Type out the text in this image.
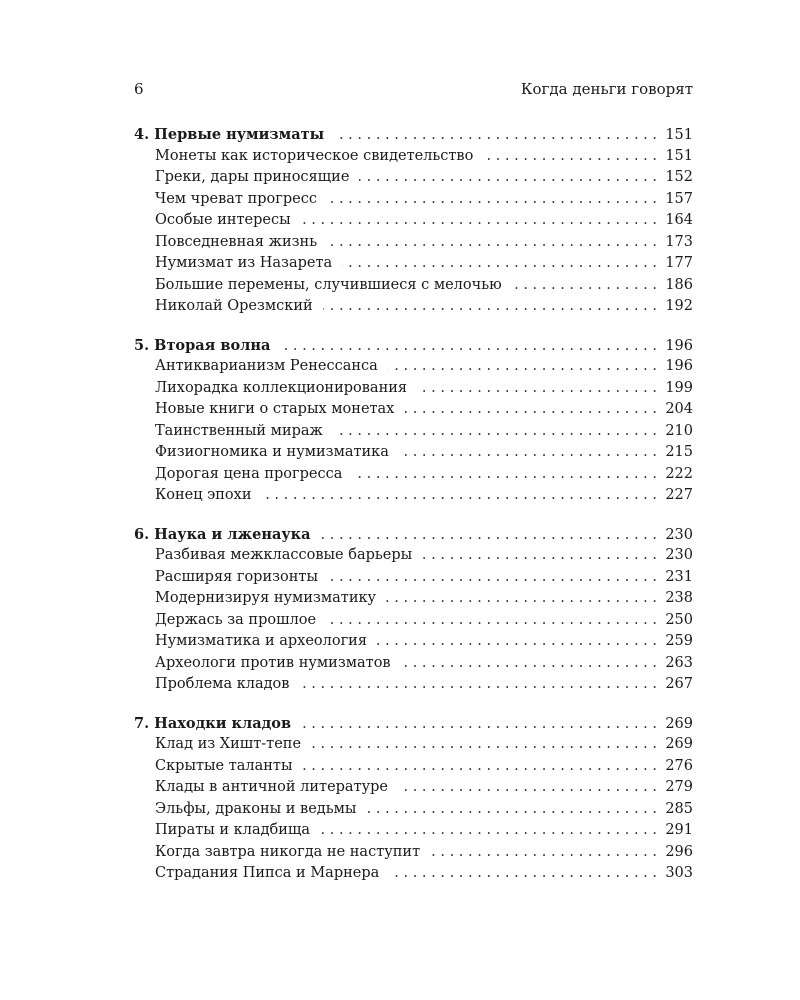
6	Когда деньги говорят
4. Первые нумизматы . . .	151
Монеты как историческое свидетельство . . .	151
Греки, дары приносящие . . .	152
Чем чреват прогресс . . .	157
Особые интересы . . .	164
Повседневная жизнь . . .	173
Нумизмат из Назарета . . .	177
Большие перемены, случившиеся с мелочью . . .	186
Николай Орезмский . . .	192
5. Вторая волна . . .	196
Антикварианизм Ренессанса . . .	196
Лихорадка коллекционирования . . .	199
Новые книги о старых монетах . . .	204
Таинственный мираж . . .	210
Физиогномика и нумизматика . . .	215
Дорогая цена прогресса . . .	222
Конец эпохи . . .	227
6. Наука и лженаука . . .	230
Разбивая межклассовые барьеры . . .	230
Расширяя горизонты . . .	231
Модернизируя нумизматику . . .	238
Держась за прошлое . . .	250
Нумизматика и археология . . .	259
Археологи против нумизматов . . .	263
Проблема кладов . . .	267
7. Находки кладов . . .	269
Клад из Хишт-тепе . . .	269
Скрытые таланты . . .	276
Клады в античной литературе . . .	279
Эльфы, драконы и ведьмы . . .	285
Пираты и кладбища . . .	291
Когда завтра никогда не наступит . . .	296
Страдания Пипса и Марнера . . .	303
